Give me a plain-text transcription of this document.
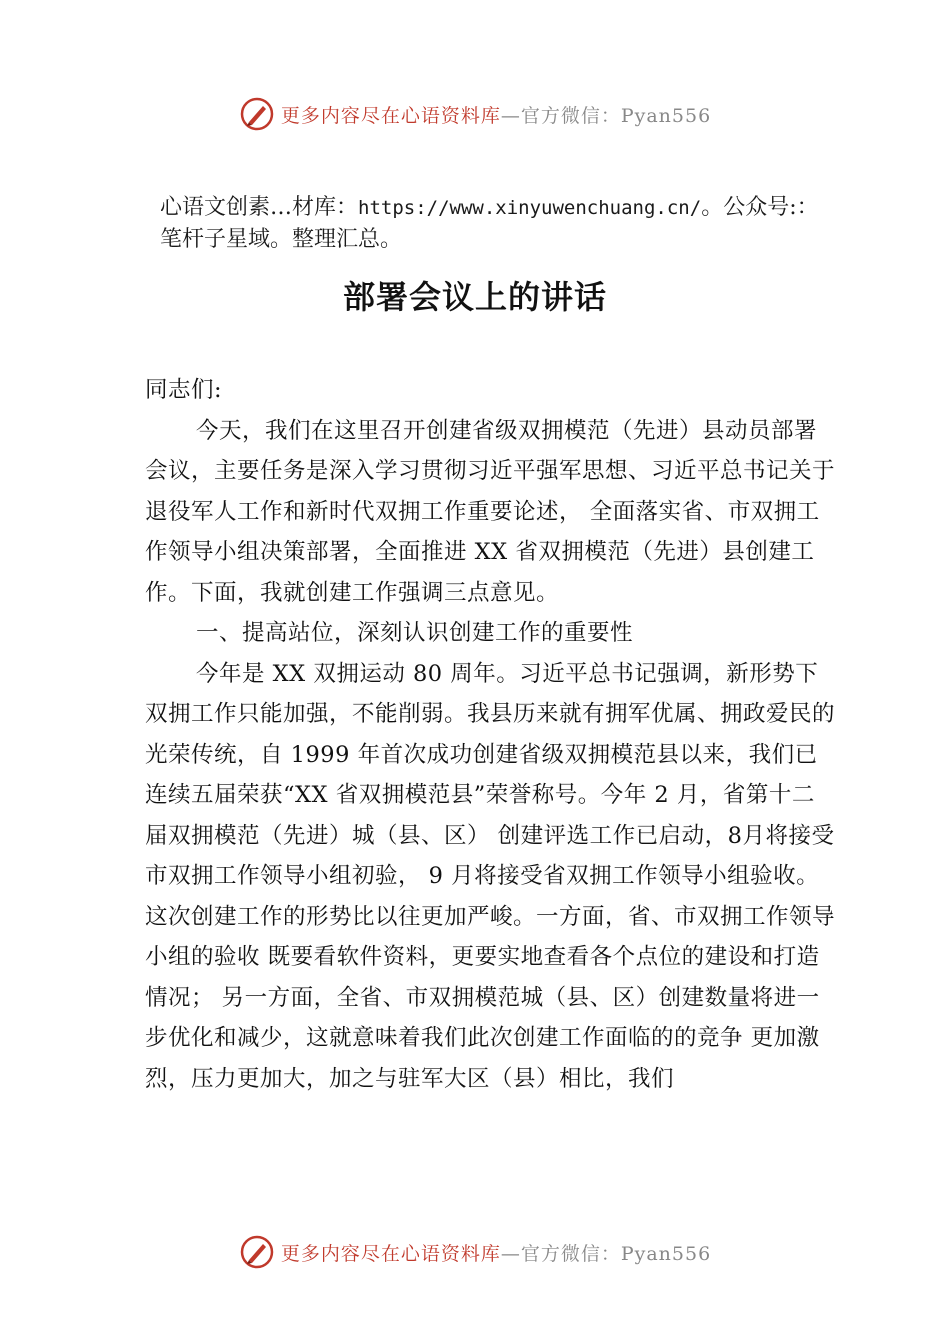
更多内容尽在心语资料库—官方微信：Pyan556
心语文创素…材库：https://www.xinyuwenchuang.cn/。公众号:：笔杆子星域。整理汇总。
部署会议上的讲话

同志们:

今天，我们在这里召开创建省级双拥模范（先进）县动员部署会议，主要任务是深入学习贯彻习近平强军思想、习近平总书记关于退役军人工作和新时代双拥工作重要论述， 全面落实省、市双拥工作领导小组决策部署，全面推进 XX 省双拥模范（先进）县创建工作。下面，我就创建工作强调三点意见。

一、提高站位，深刻认识创建工作的重要性

今年是 XX 双拥运动 80 周年。习近平总书记强调，新形势下双拥工作只能加强，不能削弱。我县历来就有拥军优属、拥政爱民的光荣传统，自 1999 年首次成功创建省级双拥模范县以来，我们已连续五届荣获“XX 省双拥模范县”荣誉称号。今年 2 月，省第十二届双拥模范（先进）城（县、区） 创建评选工作已启动，8月将接受市双拥工作领导小组初验， 9 月将接受省双拥工作领导小组验收。这次创建工作的形势比以往更加严峻。一方面，省、市双拥工作领导小组的验收 既要看软件资料，更要实地查看各个点位的建设和打造情况； 另一方面，全省、市双拥模范城（县、区）创建数量将进一 步优化和减少，这就意味着我们此次创建工作面临的的竞争 更加激烈，压力更加大，加之与驻军大区（县）相比，我们

更多内容尽在心语资料库—官方微信：Pyan556
